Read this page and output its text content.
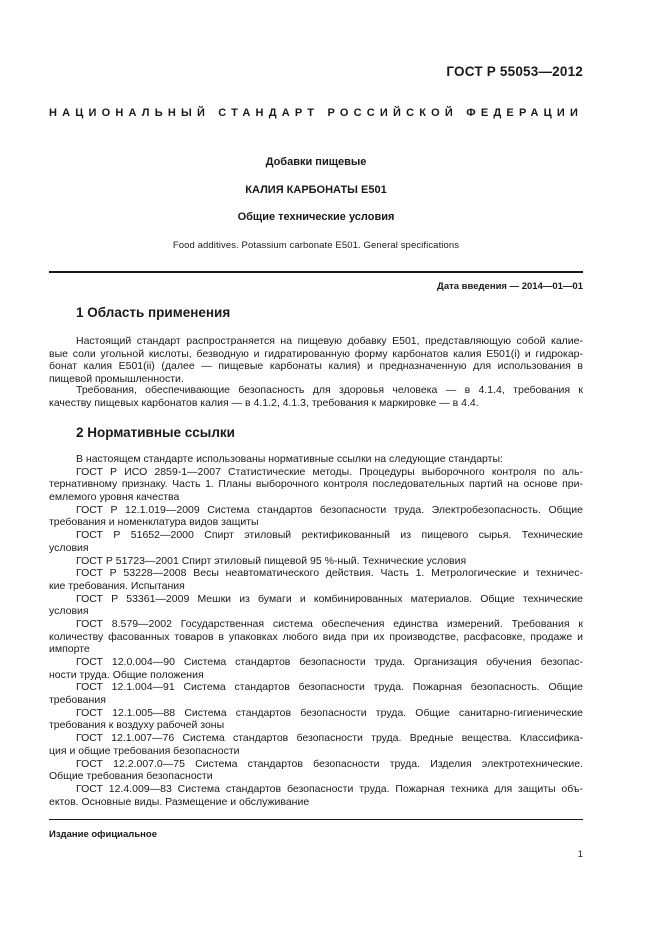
ГОСТ Р 55053—2012
НАЦИОНАЛЬНЫЙ СТАНДАРТ РОССИЙСКОЙ ФЕДЕРАЦИИ
Добавки пищевые
КАЛИЯ КАРБОНАТЫ Е501
Общие технические условия
Food additives. Potassium carbonate E501. General specifications
Дата введения — 2014—01—01
1 Область применения
Настоящий стандарт распространяется на пищевую добавку Е501, представляющую собой калие-
вые соли угольной кислоты, безводную и гидратированную форму карбонатов калия Е501(i) и гидрокар-
бонат калия Е501(ii) (далее — пищевые карбонаты калия) и предназначенную для использования в
пищевой промышленности.
Требования, обеспечивающие безопасность для здоровья человека — в 4.1.4, требования к
качеству пищевых карбонатов калия — в 4.1.2, 4.1.3, требования к маркировке — в 4.4.
2 Нормативные ссылки
В настоящем стандарте использованы нормативные ссылки на следующие стандарты:
ГОСТ Р ИСО 2859-1—2007 Статистические методы. Процедуры выборочного контроля по аль-
тернативному признаку. Часть 1. Планы выборочного контроля последовательных партий на основе при-
емлемого уровня качества
ГОСТ Р 12.1.019—2009 Система стандартов безопасности труда. Электробезопасность. Общие
требования и номенклатура видов защиты
ГОСТ Р 51652—2000 Спирт этиловый ректификованный из пищевого сырья. Технические
условия
ГОСТ Р 51723—2001 Спирт этиловый пищевой 95 %-ный. Технические условия
ГОСТ Р 53228—2008 Весы неавтоматического действия. Часть 1. Метрологические и техничес-
кие требования. Испытания
ГОСТ Р 53361—2009 Мешки из бумаги и комбинированных материалов. Общие технические
условия
ГОСТ 8.579—2002 Государственная система обеспечения единства измерений. Требования к
количеству фасованных товаров в упаковках любого вида при их производстве, расфасовке, продаже и
импорте
ГОСТ 12.0.004—90 Система стандартов безопасности труда. Организация обучения безопас-
ности труда. Общие положения
ГОСТ 12.1.004—91 Система стандартов безопасности труда. Пожарная безопасность. Общие
требования
ГОСТ 12.1.005—88 Система стандартов безопасности труда. Общие санитарно-гигиенические
требования к воздуху рабочей зоны
ГОСТ 12.1.007—76 Система стандартов безопасности труда. Вредные вещества. Классифика-
ция и общие требования безопасности
ГОСТ 12.2.007.0—75 Система стандартов безопасности труда. Изделия электротехнические.
Общие требования безопасности
ГОСТ 12.4.009—83 Система стандартов безопасности труда. Пожарная техника для защиты объ-
ектов. Основные виды. Размещение и обслуживание
Издание официальное
1
